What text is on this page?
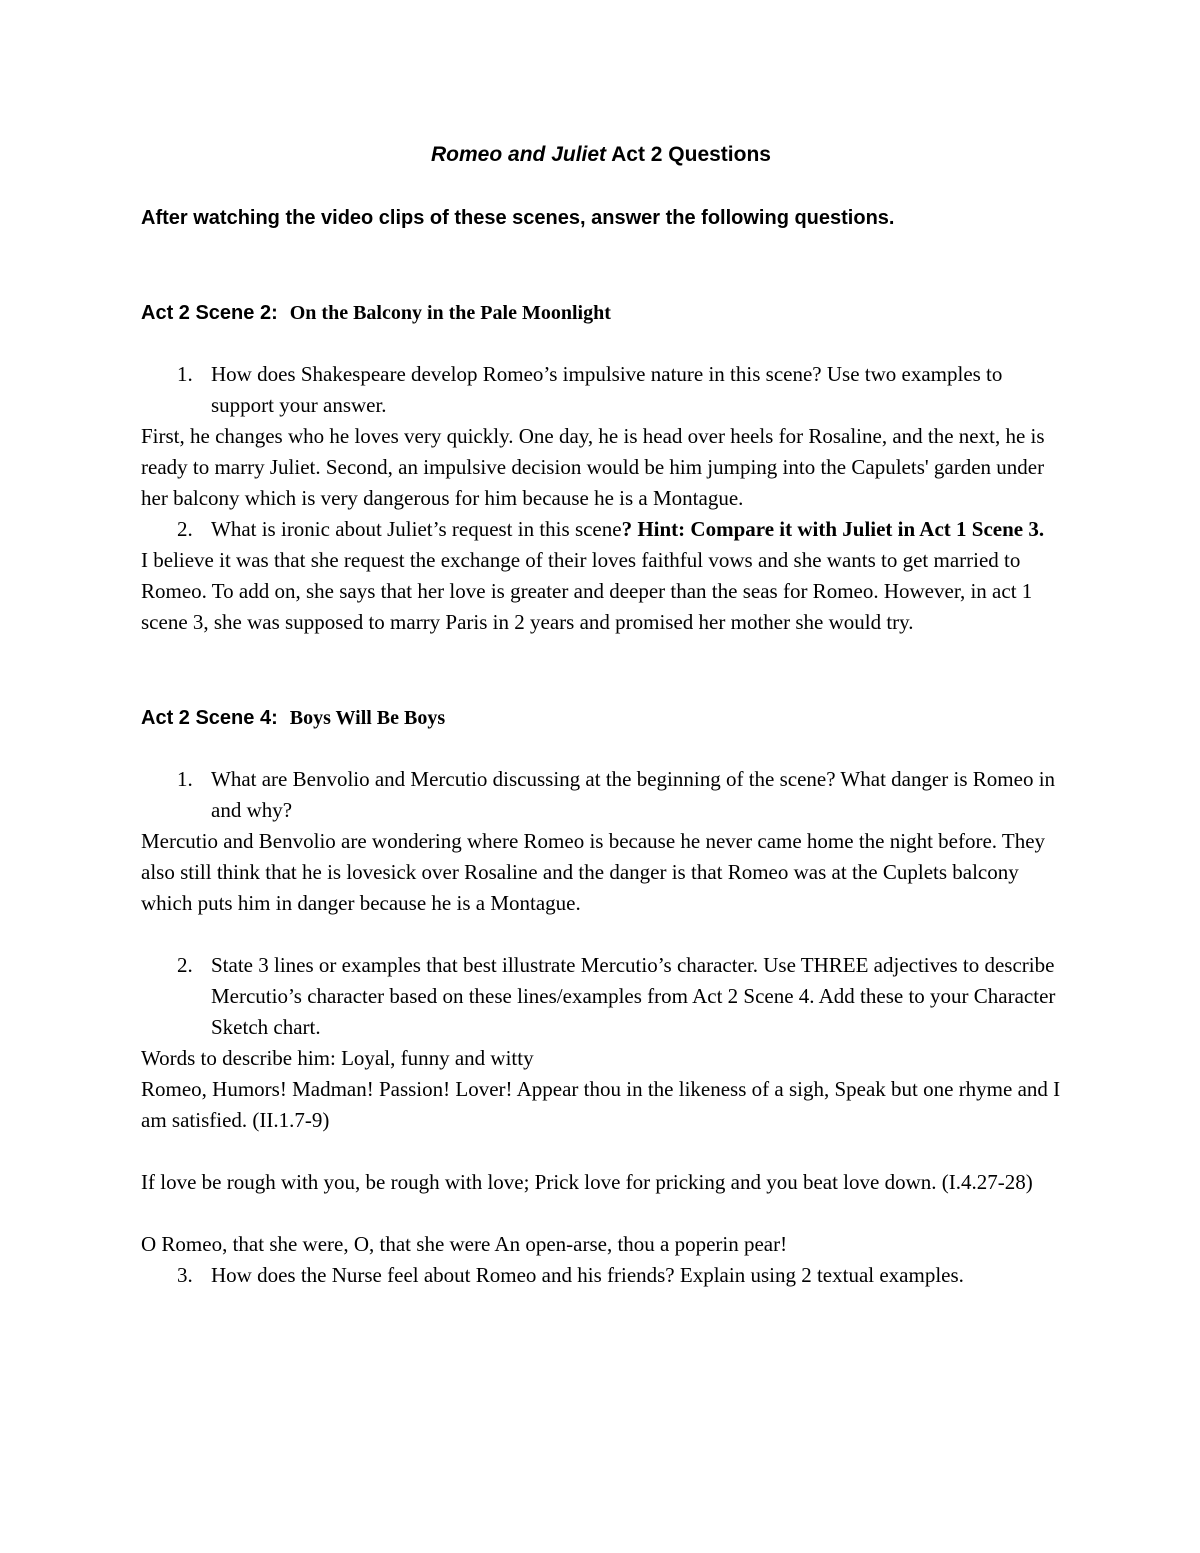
Romeo and Juliet Act 2 Questions

After watching the video clips of these scenes, answer the following questions.

Act 2 Scene 2: On the Balcony in the Pale Moonlight
1. How does Shakespeare develop Romeo’s impulsive nature in this scene? Use two examples to support your answer.

First, he changes who he loves very quickly. One day, he is head over heels for Rosaline, and the next, he is ready to marry Juliet. Second, an impulsive decision would be him jumping into the Capulets' garden under her balcony which is very dangerous for him because he is a Montague.

2. What is ironic about Juliet’s request in this scene? Hint: Compare it with Juliet in Act 1 Scene 3.

I believe it was that she request the exchange of their loves faithful vows and she wants to get married to Romeo. To add on, she says that her love is greater and deeper than the seas for Romeo. However, in act 1 scene 3, she was supposed to marry Paris in 2 years and promised her mother she would try.

Act 2 Scene 4: Boys Will Be Boys
1. What are Benvolio and Mercutio discussing at the beginning of the scene? What danger is Romeo in and why?

Mercutio and Benvolio are wondering where Romeo is because he never came home the night before. They also still think that he is lovesick over Rosaline and the danger is that Romeo was at the Cuplets balcony which puts him in danger because he is a Montague.

2. State 3 lines or examples that best illustrate Mercutio’s character. Use THREE adjectives to describe Mercutio’s character based on these lines/examples from Act 2 Scene 4. Add these to your Character Sketch chart.

Words to describe him: Loyal, funny and witty

Romeo, Humors! Madman! Passion! Lover! Appear thou in the likeness of a sigh, Speak but one rhyme and I am satisfied. (II.1.7-9)

If love be rough with you, be rough with love; Prick love for pricking and you beat love down. (I.4.27-28)

O Romeo, that she were, O, that she were An open-arse, thou a poperin pear!

3. How does the Nurse feel about Romeo and his friends? Explain using 2 textual examples.
